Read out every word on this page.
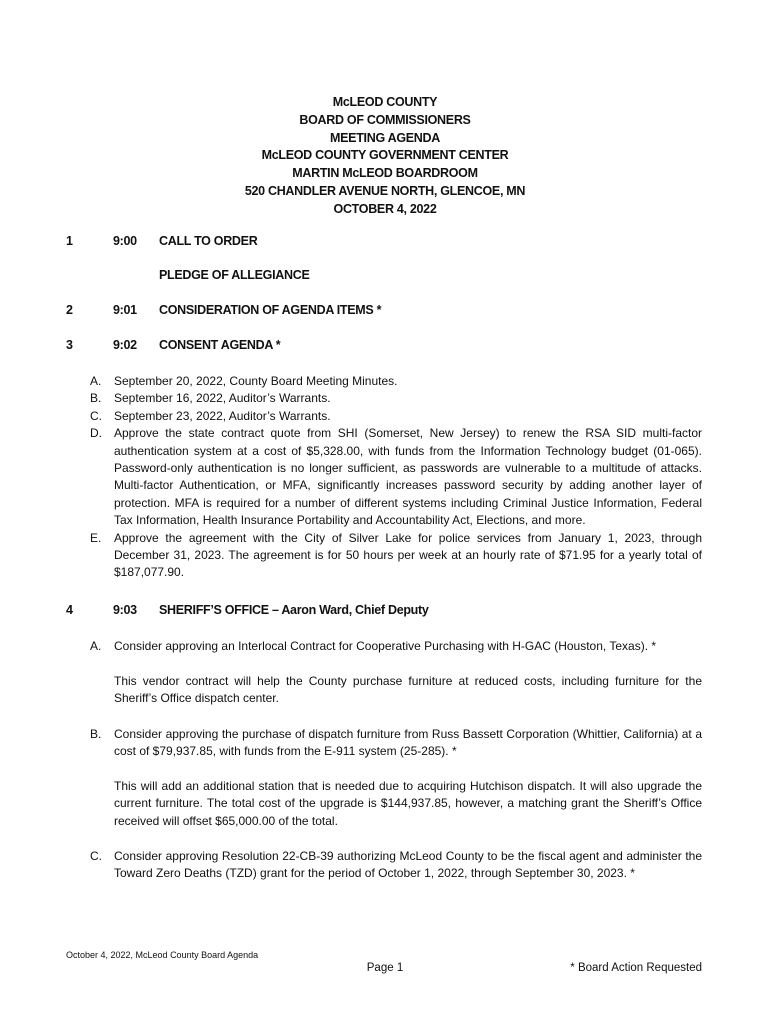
McLEOD COUNTY
BOARD OF COMMISSIONERS
MEETING AGENDA
McLEOD COUNTY GOVERNMENT CENTER
MARTIN McLEOD BOARDROOM
520 CHANDLER AVENUE NORTH, GLENCOE, MN
OCTOBER 4, 2022
1	9:00 CALL TO ORDER
PLEDGE OF ALLEGIANCE
2	9:01 CONSIDERATION OF AGENDA ITEMS *
3	9:02 CONSENT AGENDA *
A. September 20, 2022, County Board Meeting Minutes.
B. September 16, 2022, Auditor’s Warrants.
C. September 23, 2022, Auditor’s Warrants.
D. Approve the state contract quote from SHI (Somerset, New Jersey) to renew the RSA SID multi-factor authentication system at a cost of $5,328.00, with funds from the Information Technology budget (01-065). Password-only authentication is no longer sufficient, as passwords are vulnerable to a multitude of attacks. Multi-factor Authentication, or MFA, significantly increases password security by adding another layer of protection. MFA is required for a number of different systems including Criminal Justice Information, Federal Tax Information, Health Insurance Portability and Accountability Act, Elections, and more.
E. Approve the agreement with the City of Silver Lake for police services from January 1, 2023, through December 31, 2023. The agreement is for 50 hours per week at an hourly rate of $71.95 for a yearly total of $187,077.90.
4	9:03 SHERIFF’S OFFICE – Aaron Ward, Chief Deputy
A. Consider approving an Interlocal Contract for Cooperative Purchasing with H-GAC (Houston, Texas). *
This vendor contract will help the County purchase furniture at reduced costs, including furniture for the Sheriff’s Office dispatch center.
B. Consider approving the purchase of dispatch furniture from Russ Bassett Corporation (Whittier, California) at a cost of $79,937.85, with funds from the E-911 system (25-285). *
This will add an additional station that is needed due to acquiring Hutchison dispatch. It will also upgrade the current furniture. The total cost of the upgrade is $144,937.85, however, a matching grant the Sheriff’s Office received will offset $65,000.00 of the total.
C. Consider approving Resolution 22-CB-39 authorizing McLeod County to be the fiscal agent and administer the Toward Zero Deaths (TZD) grant for the period of October 1, 2022, through September 30, 2023. *
October 4, 2022, McLeod County Board Agenda
Page 1	* Board Action Requested
